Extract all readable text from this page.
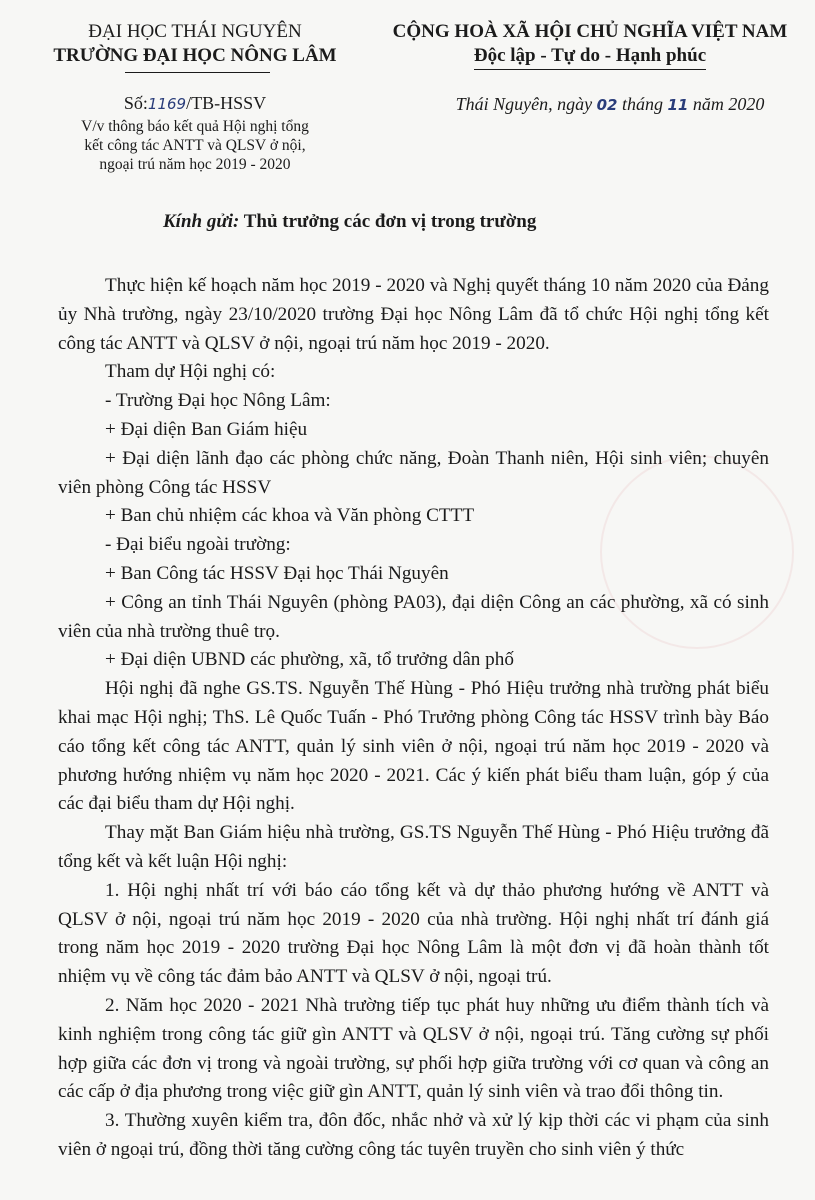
ĐẠI HỌC THÁI NGUYÊN
TRƯỜNG ĐẠI HỌC NÔNG LÂM
CỘNG HOÀ XÃ HỘI CHỦ NGHĨA VIỆT NAM
Độc lập - Tự do - Hạnh phúc
Số:1169/TB-HSSV
V/v thông báo kết quả Hội nghị tổng
kết công tác ANTT và QLSV ở nội,
ngoại trú năm học 2019 - 2020
Thái Nguyên, ngày 02 tháng 11 năm 2020
Kính gửi: Thủ trưởng các đơn vị trong trường

Thực hiện kế hoạch năm học 2019 - 2020 và Nghị quyết tháng 10 năm 2020 của Đảng ủy Nhà trường, ngày 23/10/2020 trường Đại học Nông Lâm đã tổ chức Hội nghị tổng kết công tác ANTT và QLSV ở nội, ngoại trú năm học 2019 - 2020.

Tham dự Hội nghị có:

- Trường Đại học Nông Lâm:

+ Đại diện Ban Giám hiệu

+ Đại diện lãnh đạo các phòng chức năng, Đoàn Thanh niên, Hội sinh viên; chuyên viên phòng Công tác HSSV

+ Ban chủ nhiệm các khoa và Văn phòng CTTT

- Đại biểu ngoài trường:

+ Ban Công tác HSSV Đại học Thái Nguyên

+ Công an tỉnh Thái Nguyên (phòng PA03), đại diện Công an các phường, xã có sinh viên của nhà trường thuê trọ.

+ Đại diện UBND các phường, xã, tổ trưởng dân phố

Hội nghị đã nghe GS.TS. Nguyễn Thế Hùng - Phó Hiệu trưởng nhà trường phát biểu khai mạc Hội nghị; ThS. Lê Quốc Tuấn - Phó Trưởng phòng Công tác HSSV trình bày Báo cáo tổng kết công tác ANTT, quản lý sinh viên ở nội, ngoại trú năm học 2019 - 2020 và phương hướng nhiệm vụ năm học 2020 - 2021. Các ý kiến phát biểu tham luận, góp ý của các đại biểu tham dự Hội nghị.

Thay mặt Ban Giám hiệu nhà trường, GS.TS Nguyễn Thế Hùng - Phó Hiệu trưởng đã tổng kết và kết luận Hội nghị:

1. Hội nghị nhất trí với báo cáo tổng kết và dự thảo phương hướng về ANTT và QLSV ở nội, ngoại trú năm học 2019 - 2020 của nhà trường. Hội nghị nhất trí đánh giá trong năm học 2019 - 2020 trường Đại học Nông Lâm là một đơn vị đã hoàn thành tốt nhiệm vụ về công tác đảm bảo ANTT và QLSV ở nội, ngoại trú.

2. Năm học 2020 - 2021 Nhà trường tiếp tục phát huy những ưu điểm thành tích và kinh nghiệm trong công tác giữ gìn ANTT và QLSV ở nội, ngoại trú. Tăng cường sự phối hợp giữa các đơn vị trong và ngoài trường, sự phối hợp giữa trường với cơ quan và công an các cấp ở địa phương trong việc giữ gìn ANTT, quản lý sinh viên và trao đổi thông tin.

3. Thường xuyên kiểm tra, đôn đốc, nhắc nhở và xử lý kịp thời các vi phạm của sinh viên ở ngoại trú, đồng thời tăng cường công tác tuyên truyền cho sinh viên ý thức
